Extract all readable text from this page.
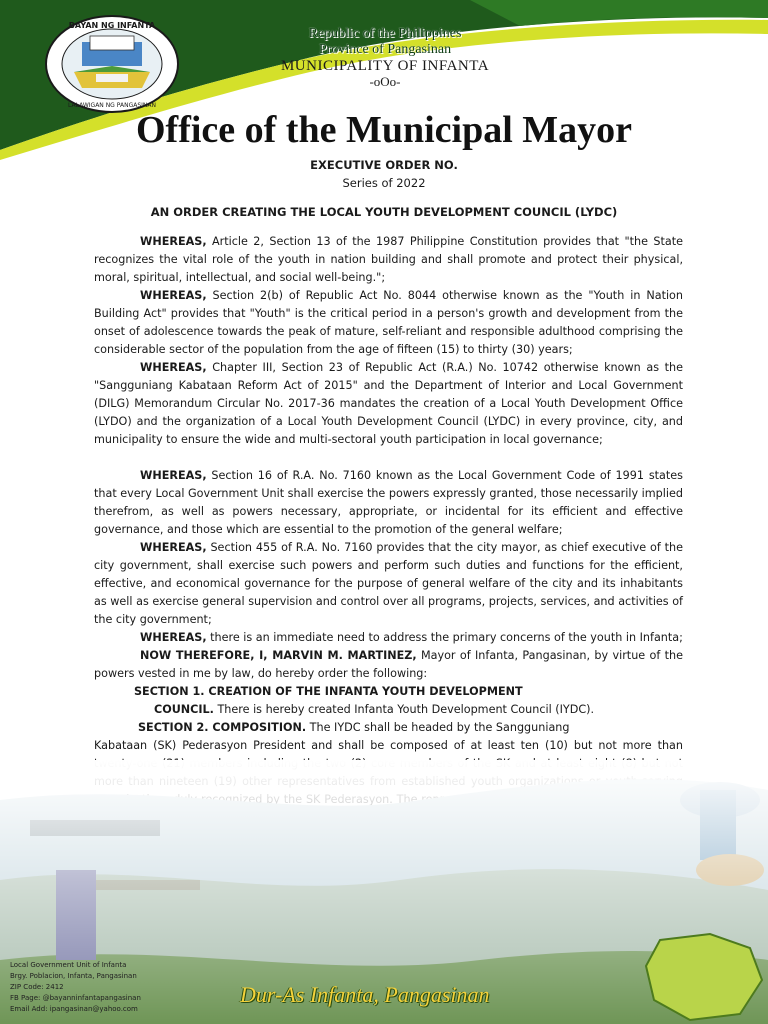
BAYAN NG INFANTA
LALAWIGAN NG PANGASINAN
Republic of the Philippines
Province of Pangasinan
MUNICIPALITY OF INFANTA
-oOo-
Office of the Municipal Mayor
EXECUTIVE ORDER NO.
Series of 2022
AN ORDER CREATING THE LOCAL YOUTH DEVELOPMENT COUNCIL (LYDC)

WHEREAS, Article 2, Section 13 of the 1987 Philippine Constitution provides that "the State recognizes the vital role of the youth in nation building and shall promote and protect their physical, moral, spiritual, intellectual, and social well-being.";

WHEREAS, Section 2(b) of Republic Act No. 8044 otherwise known as the "Youth in Nation Building Act" provides that "Youth" is the critical period in a person's growth and development from the onset of adolescence towards the peak of mature, self-reliant and responsible adulthood comprising the considerable sector of the population from the age of fifteen (15) to thirty (30) years;

WHEREAS, Chapter III, Section 23 of Republic Act (R.A.) No. 10742 otherwise known as the "Sangguniang Kabataan Reform Act of 2015" and the Department of Interior and Local Government (DILG) Memorandum Circular No. 2017-36 mandates the creation of a Local Youth Development Office (LYDO) and the organization of a Local Youth Development Council (LYDC) in every province, city, and municipality to ensure the wide and multi-sectoral youth participation in local governance;

WHEREAS, Section 16 of R.A. No. 7160 known as the Local Government Code of 1991 states that every Local Government Unit shall exercise the powers expressly granted, those necessarily implied therefrom, as well as powers necessary, appropriate, or incidental for its efficient and effective governance, and those which are essential to the promotion of the general welfare;

WHEREAS, Section 455 of R.A. No. 7160 provides that the city mayor, as chief executive of the city government, shall exercise such powers and perform such duties and functions for the efficient, effective, and economical governance for the purpose of general welfare of the city and its inhabitants as well as exercise general supervision and control over all programs, projects, services, and activities of the city government;

WHEREAS, there is an immediate need to address the primary concerns of the youth in Infanta;

NOW THEREFORE, I, MARVIN M. MARTINEZ, Mayor of Infanta, Pangasinan, by virtue of the powers vested in me by law, do hereby order the following:

SECTION 1. CREATION OF THE INFANTA YOUTH DEVELOPMENT
COUNCIL. There is hereby created Infanta Youth Development Council (IYDC).

SECTION 2. COMPOSITION. The IYDC shall be headed by the Sangguniang

Kabataan (SK) Pederasyon President and shall be composed of at least ten (10) but not more than

Local Government Unit of Infanta
Brgy. Poblacion, Infanta, Pangasinan
ZIP Code: 2412
FB Page: @bayanninfantapangasinan
Email Add: ipangasinan@yahoo.com
Dur-As Infanta, Pangasinan
